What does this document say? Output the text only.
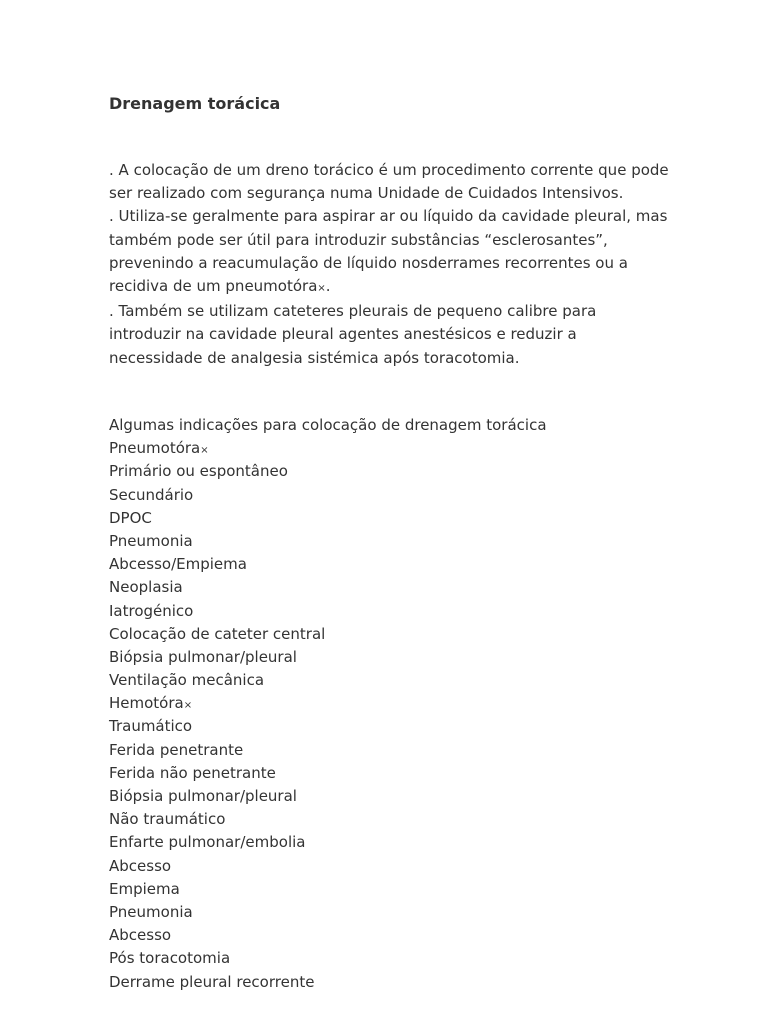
Drenagem torácica

. A colocação de um dreno torácico é um procedimento corrente que pode ser realizado com segurança numa Unidade de Cuidados Intensivos.

. Utiliza-se geralmente para aspirar ar ou líquido da cavidade pleural, mas também pode ser útil para introduzir substâncias “esclerosantes”, prevenindo a reacumulação de líquido nosderrames recorrentes ou a recidiva de um pneumotóra×.

. Também se utilizam cateteres pleurais de pequeno calibre para introduzir na cavidade pleural agentes anestésicos e reduzir a necessidade de analgesia sistémica após toracotomia.

Algumas indicações para colocação de drenagem torácica

Pneumotóra×
Primário ou espontâneo
Secundário
DPOC
Pneumonia
Abcesso/Empiema
Neoplasia
Iatrogénico
Colocação de cateter central
Biópsia pulmonar/pleural
Ventilação mecânica
Hemotóra×
Traumático
Ferida penetrante
Ferida não penetrante
Biópsia pulmonar/pleural
Não traumático
Enfarte pulmonar/embolia
Abcesso
Empiema
Pneumonia
Abcesso
Pós toracotomia
Derrame pleural recorrente
